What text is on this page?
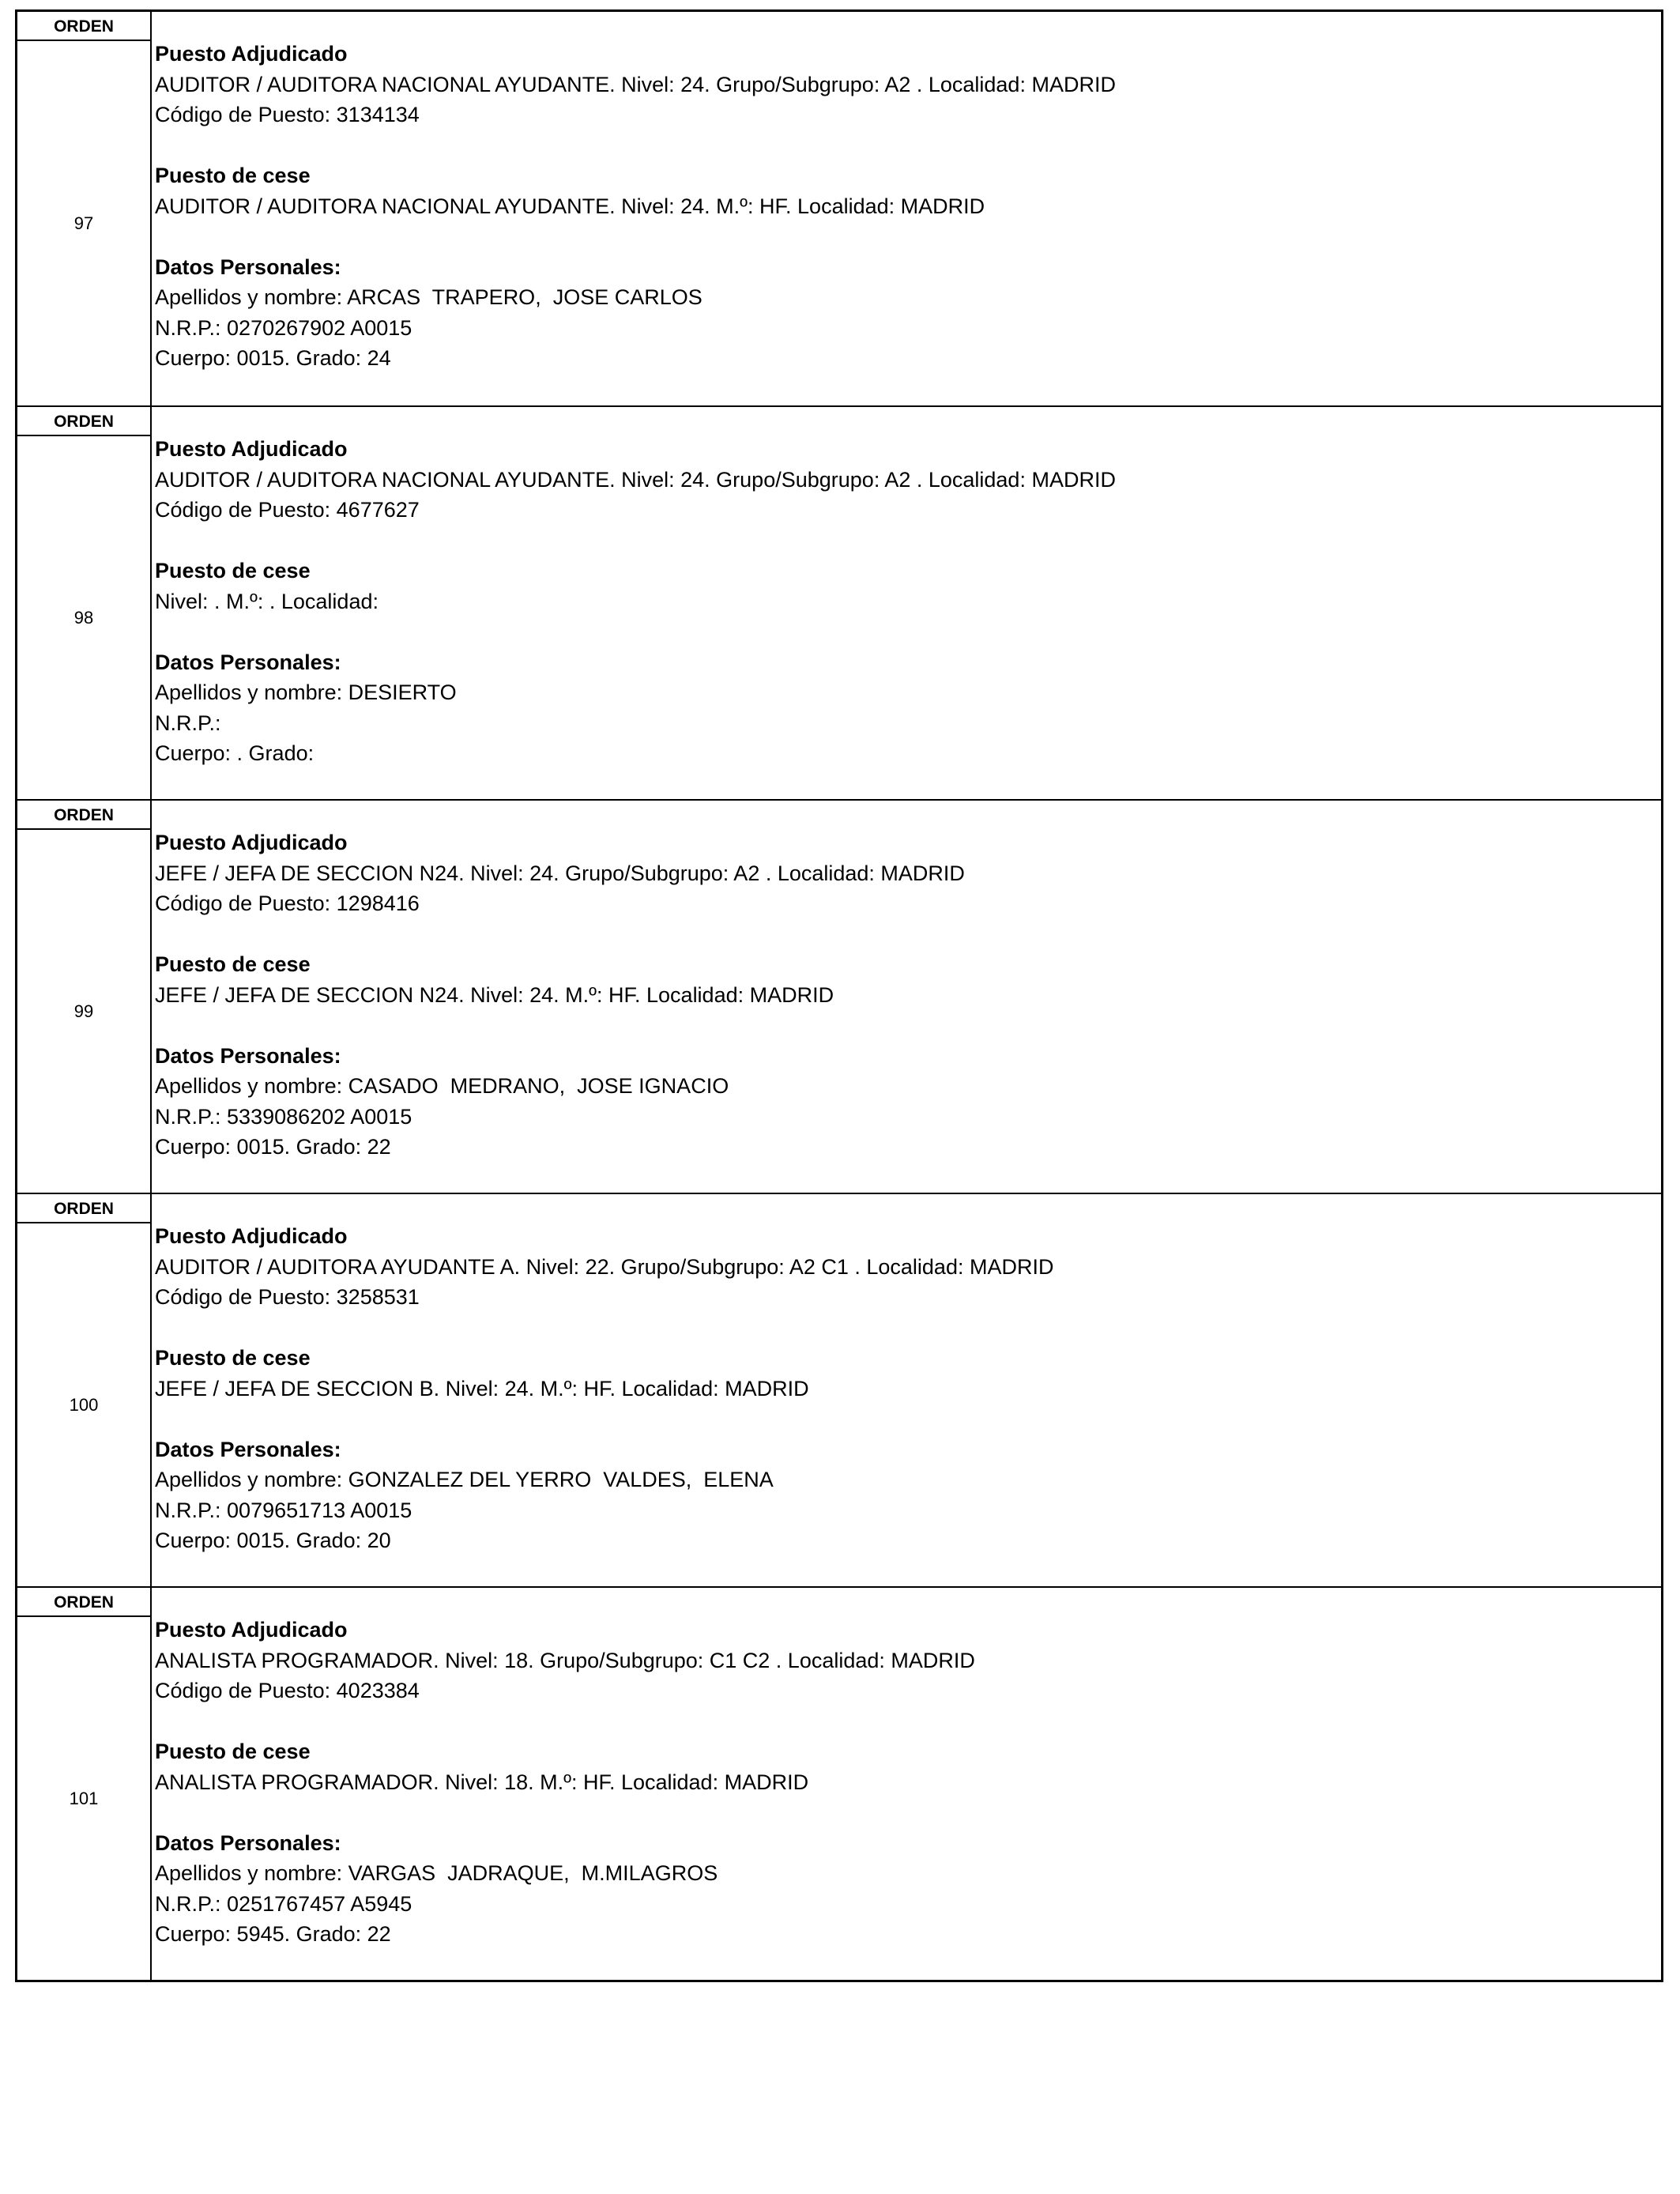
ORDEN
97
Puesto Adjudicado
AUDITOR / AUDITORA NACIONAL AYUDANTE. Nivel: 24. Grupo/Subgrupo: A2 . Localidad: MADRID
Código de Puesto: 3134134
Puesto de cese
AUDITOR / AUDITORA NACIONAL AYUDANTE. Nivel: 24. M.º: HF. Localidad: MADRID
Datos Personales:
Apellidos y nombre: ARCAS  TRAPERO,  JOSE CARLOS
N.R.P.: 0270267902 A0015
Cuerpo: 0015. Grado: 24
ORDEN
98
Puesto Adjudicado
AUDITOR / AUDITORA NACIONAL AYUDANTE. Nivel: 24. Grupo/Subgrupo: A2 . Localidad: MADRID
Código de Puesto: 4677627
Puesto de cese
Nivel: . M.º: . Localidad:
Datos Personales:
Apellidos y nombre: DESIERTO
N.R.P.:
Cuerpo: . Grado:
ORDEN
99
Puesto Adjudicado
JEFE / JEFA DE SECCION N24. Nivel: 24. Grupo/Subgrupo: A2 . Localidad: MADRID
Código de Puesto: 1298416
Puesto de cese
JEFE / JEFA DE SECCION N24. Nivel: 24. M.º: HF. Localidad: MADRID
Datos Personales:
Apellidos y nombre: CASADO  MEDRANO,  JOSE IGNACIO
N.R.P.: 5339086202 A0015
Cuerpo: 0015. Grado: 22
ORDEN
100
Puesto Adjudicado
AUDITOR / AUDITORA AYUDANTE A. Nivel: 22. Grupo/Subgrupo: A2 C1 . Localidad: MADRID
Código de Puesto: 3258531
Puesto de cese
JEFE / JEFA DE SECCION B. Nivel: 24. M.º: HF. Localidad: MADRID
Datos Personales:
Apellidos y nombre: GONZALEZ DEL YERRO  VALDES,  ELENA
N.R.P.: 0079651713 A0015
Cuerpo: 0015. Grado: 20
ORDEN
101
Puesto Adjudicado
ANALISTA PROGRAMADOR. Nivel: 18. Grupo/Subgrupo: C1 C2 . Localidad: MADRID
Código de Puesto: 4023384
Puesto de cese
ANALISTA PROGRAMADOR. Nivel: 18. M.º: HF. Localidad: MADRID
Datos Personales:
Apellidos y nombre: VARGAS  JADRAQUE,  M.MILAGROS
N.R.P.: 0251767457 A5945
Cuerpo: 5945. Grado: 22
